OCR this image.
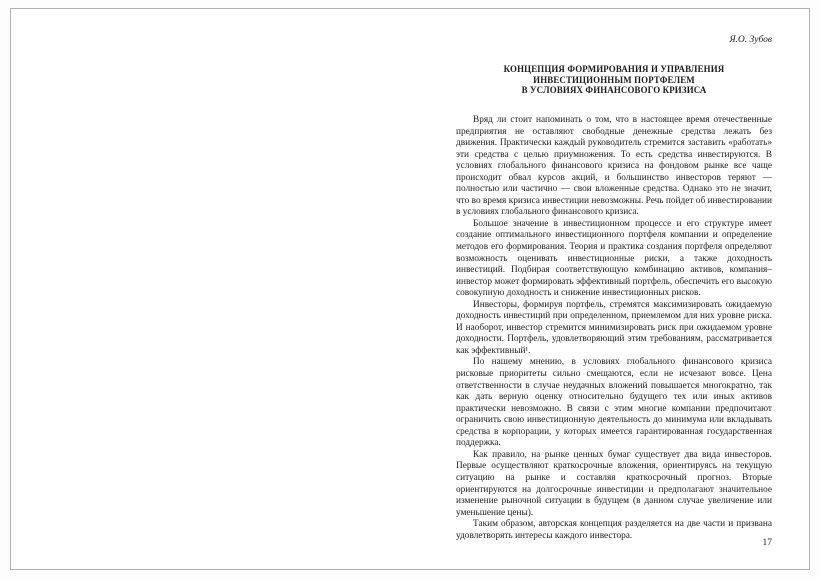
Я.О. Зубов
КОНЦЕПЦИЯ ФОРМИРОВАНИЯ И УПРАВЛЕНИЯ
ИНВЕСТИЦИОННЫМ ПОРТФЕЛЕМ
В УСЛОВИЯХ ФИНАНСОВОГО КРИЗИСА

Вряд ли стоит напоминать о том, что в настоящее время отечественные предприятия не оставляют свободные денежные средства лежать без движения. Практически каждый руководитель стремится заставить «работать» эти средства с целью приумножения. То есть средства инвестируются. В условиях глобального финансового кризиса на фондовом рынке все чаще происходит обвал курсов акций, и большинство инвесторов теряют — полностью или частично — свои вложенные средства. Однако это не значит, что во время кризиса инвестиции невозможны. Речь пойдет об инвестировании в условиях глобального финансового кризиса.

Большое значение в инвестиционном процессе и его структуре имеет создание оптимального инвестиционного портфеля компании и определение методов его формирования. Теория и практика создания портфеля определяют возможность оценивать инвестиционные риски, а также доходность инвестиций. Подбирая соответствующую комбинацию активов, компания–инвестор может формировать эффективный портфель, обеспечить его высокую совокупную доходность и снижение инвестиционных рисков.

Инвесторы, формируя портфель, стремятся максимизировать ожидаемую доходность инвестиций при определенном, приемлемом для них уровне риска. И наоборот, инвестор стремится минимизировать риск при ожидаемом уровне доходности. Портфель, удовлетворяющий этим требованиям, рассматривается как эффективный¹.

По нашему мнению, в условиях глобального финансового кризиса рисковые приоритеты сильно смещаются, если не исчезают вовсе. Цена ответственности в случае неудачных вложений повышается многократно, так как дать верную оценку относительно будущего тех или иных активов практически невозможно. В связи с этим многие компании предпочитают ограничить свою инвестиционную деятельность до минимума или вкладывать средства в корпорации, у которых имеется гарантированная государственная поддержка.

Как правило, на рынке ценных бумаг существует два вида инвесторов. Первые осуществляют краткосрочные вложения, ориентируясь на текущую ситуацию на рынке и составляя краткосрочный прогноз. Вторые ориентируются на долгосрочные инвестиции и предполагают значительное изменение рыночной ситуации в будущем (в данном случае увеличение или уменьшение цены).

Таким образом, авторская концепция разделяется на две части и призвана удовлетворять интересы каждого инвестора.

17
